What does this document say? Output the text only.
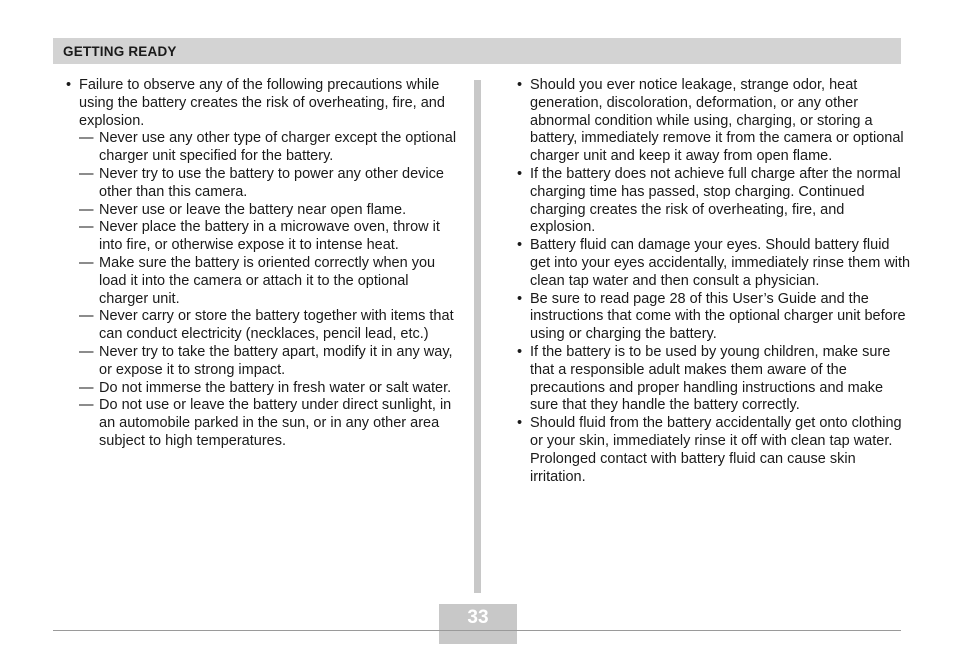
GETTING READY
• Failure to observe any of the following precautions while using the battery creates the risk of overheating, fire, and explosion.
— Never use any other type of charger except the optional charger unit specified for the battery.
— Never try to use the battery to power any other device other than this camera.
— Never use or leave the battery near open flame.
— Never place the battery in a microwave oven, throw it into fire, or otherwise expose it to intense heat.
— Make sure the battery is oriented correctly when you load it into the camera or attach it to the optional charger unit.
— Never carry or store the battery together with items that can conduct electricity (necklaces, pencil lead, etc.)
— Never try to take the battery apart, modify it in any way, or expose it to strong impact.
— Do not immerse the battery in fresh water or salt water.
— Do not use or leave the battery under direct sunlight, in an automobile parked in the sun, or in any other area subject to high temperatures.
• Should you ever notice leakage, strange odor, heat generation, discoloration, deformation, or any other abnormal condition while using, charging, or storing a battery, immediately remove it from the camera or optional charger unit and keep it away from open flame.
• If the battery does not achieve full charge after the normal charging time has passed, stop charging. Continued charging creates the risk of overheating, fire, and explosion.
• Battery fluid can damage your eyes. Should battery fluid get into your eyes accidentally, immediately rinse them with clean tap water and then consult a physician.
• Be sure to read page 28 of this User’s Guide and the instructions that come with the optional charger unit before using or charging the battery.
• If the battery is to be used by young children, make sure that a responsible adult makes them aware of the precautions and proper handling instructions and make sure that they handle the battery correctly.
• Should fluid from the battery accidentally get onto clothing or your skin, immediately rinse it off with clean tap water. Prolonged contact with battery fluid can cause skin irritation.
33
